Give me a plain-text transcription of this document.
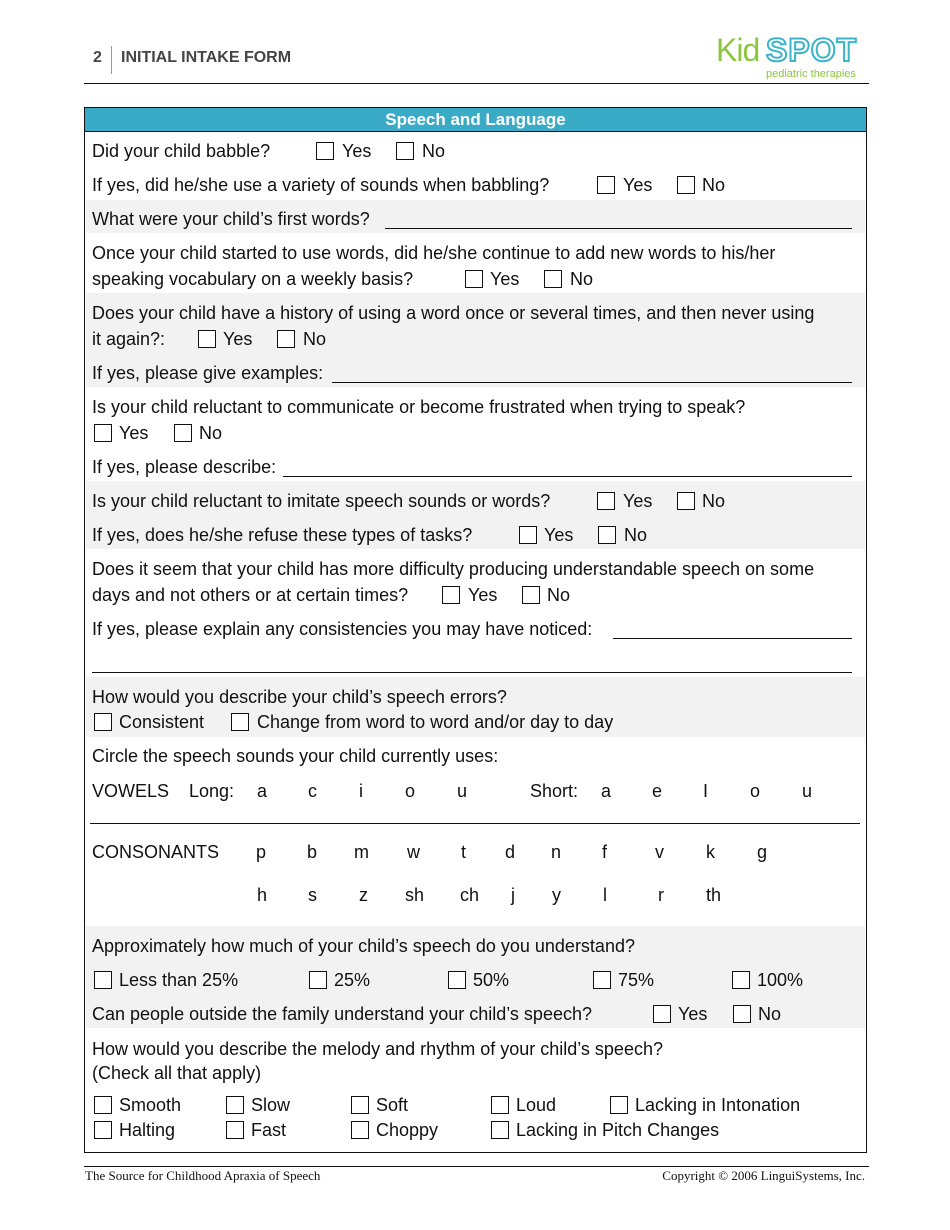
2 INITIAL INTAKE FORM	Kid SPOT
pediatric therapies
Speech and Language
Did your child babble?	Yes	No
If yes, did he/she use a variety of sounds when babbling?	Yes	No
What were your child’s first words?
Once your child started to use words, did he/she continue to add new words to his/her
speaking vocabulary on a weekly basis?	Yes	No
Does your child have a history of using a word once or several times, and then never using
it again?:	Yes	No
If yes, please give examples:
Is your child reluctant to communicate or become frustrated when trying to speak?
Yes	No
If yes, please describe:
Is your child reluctant to imitate speech sounds or words?	Yes	No
If yes, does he/she refuse these types of tasks?	Yes	No
Does it seem that your child has more difficulty producing understandable speech on some
days and not others or at certain times?	Yes	No
If yes, please explain any consistencies you may have noticed:
How would you describe your child’s speech errors?
Consistent	Change from word to word and/or day to day
Circle the speech sounds your child currently uses:
VOWELS Long: a c i o u	Short: a e I o u
CONSONANTS p b m w t d n f	v k g
h s z sh ch j y l	r th
Approximately how much of your child’s speech do you understand?
Less than 25%	25%	50%	75%	100%
Can people outside the family understand your child’s speech?	Yes	No
How would you describe the melody and rhythm of your child’s speech?
(Check all that apply)
Smooth	Slow	Soft	Loud	Lacking in Intonation
Halting	Fast	Choppy	Lacking in Pitch Changes
The Source for Childhood Apraxia of Speech	Copyright © 2006 LinguiSystems, Inc.
